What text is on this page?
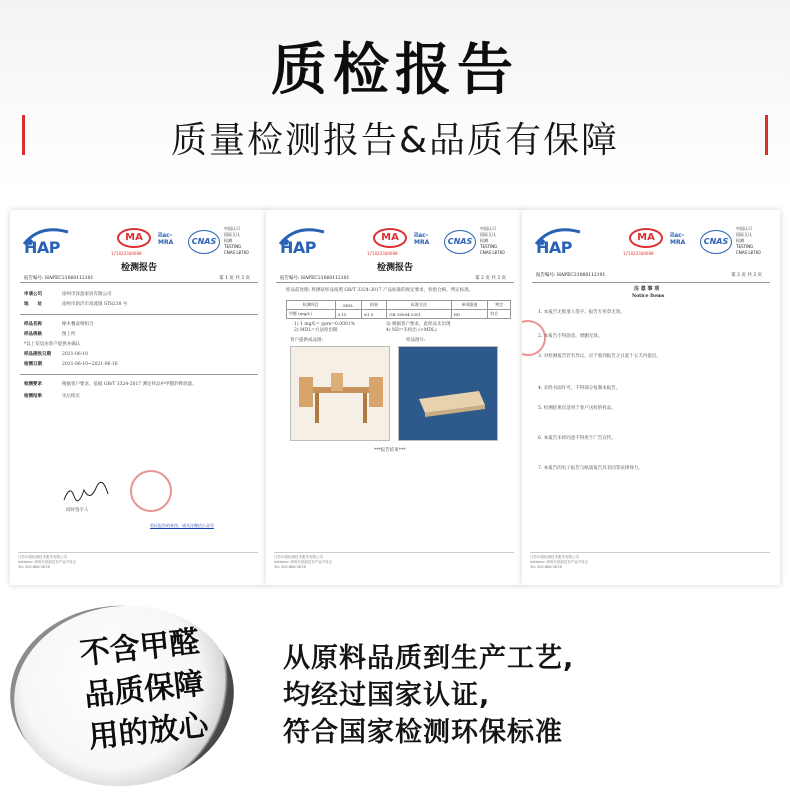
质检报告
质量检测报告&品质有保障
HAP
MA
171022340088
ilac-MRA	CNAS
中国认可
国际互认
检测
TESTING
CNAS L8760
检测报告
报告编号: HAPEC21060112101	第 1 页 共 3 页
申请公司	徐州市泽盈家居有限公司
地　　址	徐州市新沂市高流镇 ST8218 号
样品名称	榉木餐桌椅组合
样品规格	图上所
*以上信息由客户提供并确认
样品接收日期 2021-06-10
检测日期	2021-06-10~2021-06-16
检测要求	根据客户要求，依据 GB/T 3324-2017 测定样品中甲醛的释放量。
检测结果	见后续页
同时签字人
验证报告的真伪，请关注微信公众号
江苏环境检测技术服务有限公司
Address: 徐州市高新技术产业开发区
Tel: 400-668-5678
HAP
MA
171022340088
ilac-MRA	CNAS
中国认可
国际互认
检测
TESTING
CNAS L8760
检测报告
报告编号: HAPEC21060112101	第 2 页 共 3 页
样品前处理: 将测试样品按照 GB/T 3324-2017 产品标准的规定要求，检验合格，判定标准。
检测项目	MDL	结果	标准方法	单项限值	判定
甲醛 (mg/L)	0.15	≤1.5	GB 18584-2001	ND	符合
1) 1 mg/L= ppm=0.0001%
2) MDL=方法检出限
3) 根据客户要求，此样品未出现
4) ND=未检出 (<MDL)
客户提供成品图:	样品图片:
***报告结束***
江苏环境检测技术服务有限公司
Address: 徐州市高新技术产业开发区
Tel: 400-668-5678
HAP
MA
171022340088
ilac-MRA	CNAS
中国认可
国际互认
检测
TESTING
CNAS L8760
报告编号: HAPEC21060112101	第 3 页 共 3 页
注 意 事 项
Notice Items
1. 本报告无批准人签字、报告专用章无效。
2. 本报告不得涂改，增删无效。
3. 对检测报告若有异议，应于收到报告之日起十五天内提出。
4. 未经书面许可，不得部分复制本报告。
5. 检测结果仅适用于客户送检的样品。
6. 本报告未经同意不得用于广告宣传。
7. 本报告的电子报告与纸质报告具有同等法律效力。
江苏环境检测技术服务有限公司
Address: 徐州市高新技术产业开发区
Tel: 400-668-5678
不含甲醛
品质保障
用的放心
从原料品质到生产工艺,
均经过国家认证,
符合国家检测环保标准
